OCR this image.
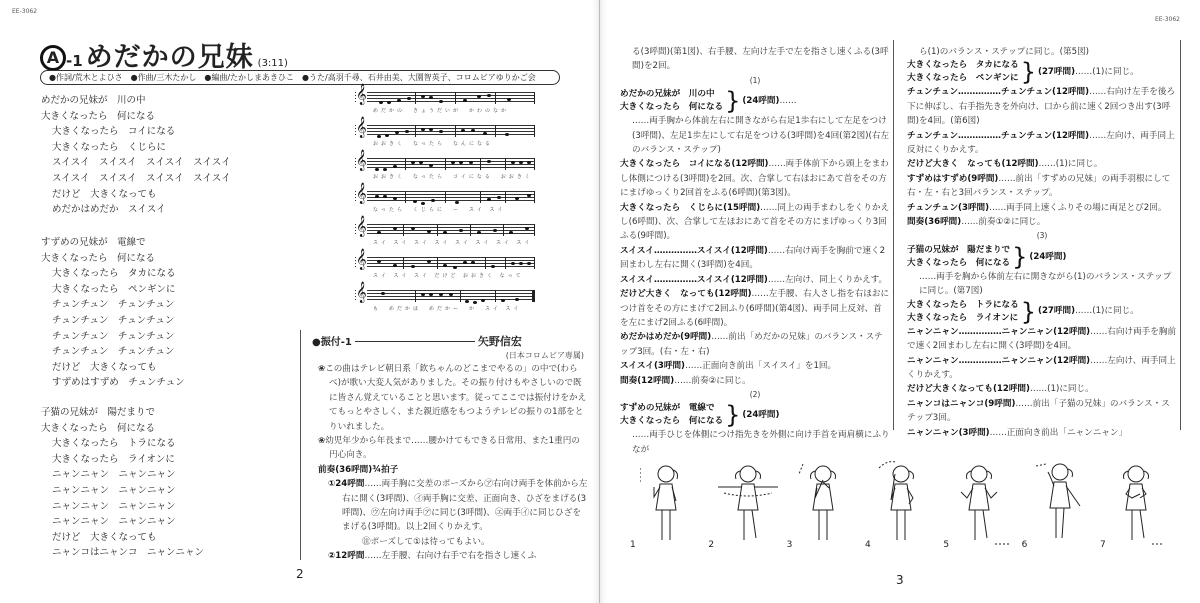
EE-3062
A -1 めだかの兄妹 (3:11)
●作詞/荒木とよひさ　●作曲/三木たかし　●編曲/たかしまあきひこ　●うた/高羽千尋、石井由美、大園智英子、コロムビアゆりかご会
めだかの兄妹が　川の中
大きくなったら　何になる
大きくなったら　コイになる
大きくなったら　くじらに
スイスイ　スイスイ　スイスイ　スイスイ
スイスイ　スイスイ　スイスイ　スイスイ
だけど　大きくなっても
めだかはめだか　スイスイ
すずめの兄妹が　電線で
大きくなったら　何になる
大きくなったら　タカになる
大きくなったら　ペンギンに
チュンチュン　チュンチュン
チュンチュン　チュンチュン
チュンチュン　チュンチュン
チュンチュン　チュンチュン
だけど　大きくなっても
すずめはすずめ　チュンチュン
子猫の兄妹が　陽だまりで
大きくなったら　何になる
大きくなったら　トラになる
大きくなったら　ライオンに
ニャンニャン　ニャンニャン
ニャンニャン　ニャンニャン
ニャンニャン　ニャンニャン
ニャンニャン　ニャンニャン
だけど　大きくなっても
ニャンコはニャンコ　ニャンニャン
𝄞
めだかの　きょうだいが　かわのなか
𝄞
おおきく　なったら　なんになる
𝄞
おおきく　なったら　コイになる　おおきく
𝄞
なったら　くじらに　ー　スイ スイ
𝄞
スイ スイ スイ スイ スイ スイ スイ スイ
𝄞
スイ スイ スイ だけど おおきく なって
𝄞
も　めだかは　めだかー　か　スイ スイ
●振付-1	矢野信宏
(日本コロムビア専属)
❀この曲はテレビ朝日系「欽ちゃんのどこまでやるの」の中で(わらべ)が歌い大変人気がありました。その振り付けもやさしいので既に皆さん覚えていることと思います。従ってここでは振付けをかえてもっとやさしく、また親近感をもつようテレビの振りの1部をとりいれました。
❀幼児年少から年長まで……腰かけてもできる日常用、また1重円の円心向き。
前奏(36呼間)¾拍子
①24呼間……両手胸に交差のポーズから㋐右向け両手を体前から左右に開く(3呼間)、㋑両手胸に交差、正面向き、ひざをまげる(3呼間)、㋒左向け両手㋐に同じ(3呼間)、㋓両手㋑に同じひざをまげる(3呼間)。以上2回くりかえす。
㊟ポーズして①は待ってもよい。
②12呼間……左手腰、右向け右手で右を指さし速くふ
2
EE-3062
る(3呼間)(第1図)、右手腰、左向け左手で左を指さし速くふる(3呼間)を2回。
(1)
めだかの兄妹が　川の中
大きくなったら　何になる } (24呼間) ……
……両手胸から体前左右に開きながら右足1歩右にして左足をつけ(3呼間)、左足1歩左にして右足をつける(3呼間)を4回(第2図)(右左のバランス・ステップ)
大きくなったら　コイになる(12呼間)……両手体前下から頭上をまわし体側につける(3呼間)を2回。次、合掌して右ほおにあて首をその方にまげゆっくり2回首をふる(6呼間)(第3図)。
大きくなったら　くじらに(15呼間)……同上の両手まわしをくりかえし(6呼間)、次、合掌して左ほおにあて首をその方にまげゆっくり3回ふる(9呼間)。
スイスイ……………スイスイ(12呼間)……右向け両手を胸前で速く2回まわし左右に開く(3呼間)を4回。
スイスイ……………スイスイ(12呼間)……左向け、同上くりかえす。
だけど大きく　なっても(12呼間)……左手腰、右人さし指を右ほおにつけ首をその方にまげて2回ふり(6呼間)(第4図)、両手同上反対、首を左にまげ2回ふる(6呼間)。
めだかはめだか(9呼間)……前出「めだかの兄妹」のバランス・ステップ3回。(右・左・右)
スイスイ(3呼間)……正面向き前出「スイスイ」を1回。
間奏(12呼間)……前奏②に同じ。
(2)
すずめの兄妹が　電線で
大きくなったら　何になる } (24呼間)
……両手ひじを体側につけ指先きを外側に向け手首を両肩横にふりなが
ら(1)のバランス・ステップに同じ。(第5図)
大きくなったら　タカになる
大きくなったら　ペンギンに } (27呼間) ……(1)に同じ。
チュンチュン……………チュンチュン(12呼間)……右向け左手を後ろ下に伸ばし、右手指先きを外向け、口から前に速く2回つき出す(3呼間)を4回。(第6図)
チュンチュン……………チュンチュン(12呼間)……左向け、両手同上反対にくりかえす。
だけど大きく　なっても(12呼間)……(1)に同じ。
すずめはすずめ(9呼間)……前出「すずめの兄妹」の両手羽根にして右・左・右と3回バランス・ステップ。
チュンチュン(3呼間)……両手同上速くふりその場に両足とび2回。
間奏(36呼間)……前奏①②に同じ。
(3)
子猫の兄妹が　陽だまりで
大きくなったら　何になる } (24呼間)
……両手を胸から体前左右に開きながら(1)のバランス・ステップに同じ。(第7図)
大きくなったら　トラになる
大きくなったら　ライオンに } (27呼間) ……(1)に同じ。
ニャンニャン……………ニャンニャン(12呼間)……右向け両手を胸前で速く2回まわし左右に開く(3呼間)を4回。
ニャンニャン……………ニャンニャン(12呼間)……左向け、両手同上くりかえす。
だけど大きくなっても(12呼間)……(1)に同じ。
ニャンコはニャンコ(9呼間)……前出「子猫の兄妹」のバランス・ステップ3回。
ニャンニャン(3呼間)……正面向き前出「ニャンニャン」
1	2	3	4	5	6	7
3
